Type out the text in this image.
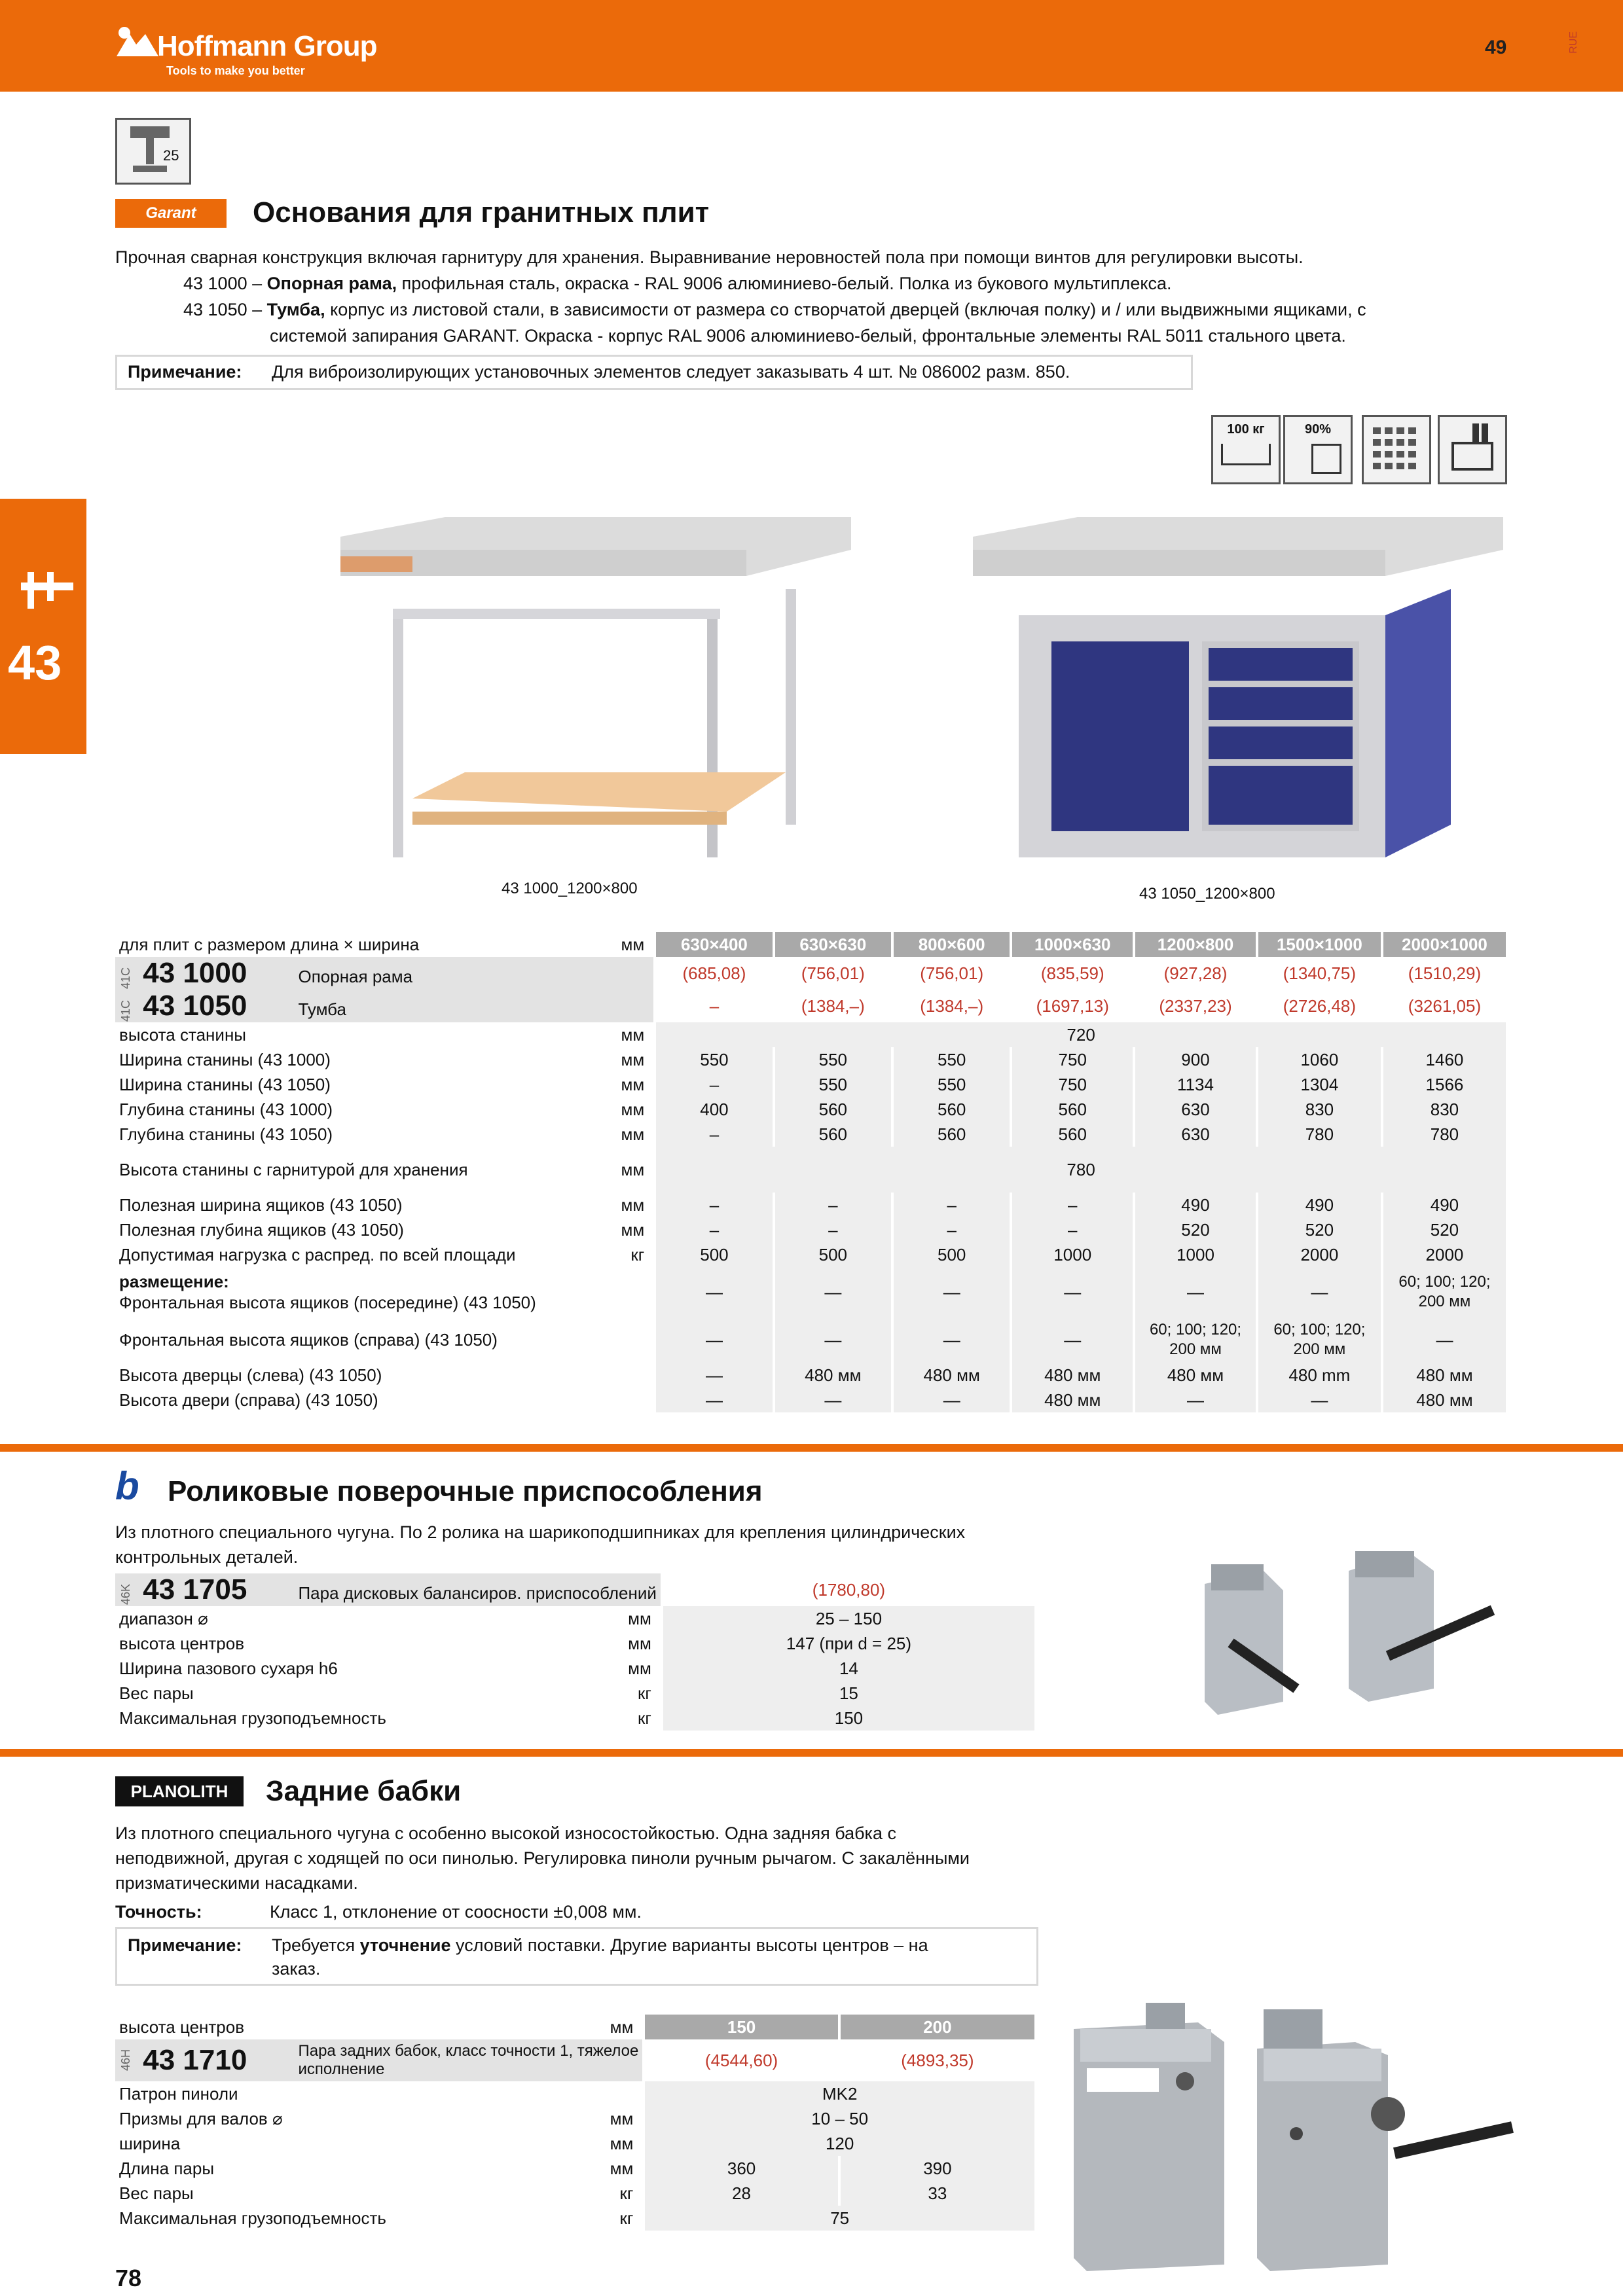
Hoffmann Group
Tools to make you better
49	RUE
43
25
Garant	Основания для гранитных плит
Прочная сварная конструкция включая гарнитуру для хранения. Выравнивание неровностей пола при помощи винтов для регулировки высоты.
43 1000 – Опорная рама, профильная сталь, окраска - RAL 9006 алюминиево-белый. Полка из букового мультиплекса.
43 1050 – Тумба, корпус из листовой стали, в зависимости от размера со створчатой дверцей (включая полку) и / или выдвижными ящиками, с
системой запирания GARANT. Окраска - корпус RAL 9006 алюминиево-белый, фронтальные элементы RAL 5011 стального цвета.
Примечание: Для виброизолирующих установочных элементов следует заказывать 4 шт. № 086002 разм. 850.
100 кг	90%
43 1000_1200×800	43 1050_1200×800
для плит с размером длина × ширина	мм	630×400	630×630	800×600	1000×630	1200×800	1500×1000	2000×1000
41C 43 1000 Опорная рама		(685,08)	(756,01)	(756,01)	(835,59)	(927,28)	(1340,75)	(1510,29)
41C 43 1050 Тумба		–	(1384,–)	(1384,–)	(1697,13)	(2337,23)	(2726,48)	(3261,05)
высота станины	мм	720						
Ширина станины (43 1000)	мм	550	550	550	750	900	1060	1460
Ширина станины (43 1050)	мм	–	550	550	750	1134	1304	1566
Глубина станины (43 1000)	мм	400	560	560	560	630	830	830
Глубина станины (43 1050)	мм	–	560	560	560	630	780	780
Высота станины с гарнитурой для хранения	мм	780						
Полезная ширина ящиков (43 1050)	мм	–	–	–	–	490	490	490
Полезная глубина ящиков (43 1050)	мм	–	–	–	–	520	520	520
Допустимая нагрузка с распред. по всей площади	кг	500	500	500	1000	1000	2000	2000
размещение:
Фронтальная высота ящиков (посередине) (43 1050)		—	—	—	—	—	—	60; 100; 120; 200 мм
Фронтальная высота ящиков (справа) (43 1050)		—	—	—	—	60; 100; 120; 200 мм	60; 100; 120; 200 мм	—
Высота дверцы (слева) (43 1050)		—	480 мм	480 мм	480 мм	480 мм	480 mm	480 мм
Высота двери (справа) (43 1050)		—	—	—	480 мм	—	—	480 мм
b Роликовые поверочные приспособления
Из плотного специального чугуна. По 2 ролика на шарикоподшипниках для крепления цилиндрических
контрольных деталей.
46K 43 1705 Пара дисковых балансиров. приспособлений		(1780,80)
диапазон ⌀	мм	25 – 150
высота центров	мм	147 (при d = 25)
Ширина пазового сухаря h6	мм	14
Вес пары	кг	15
Максимальная грузоподъемность	кг	150
PLANOLITH	Задние бабки
Из плотного специального чугуна с особенно высокой износостойкостью. Одна задняя бабка с
неподвижной, другая с ходящей по оси пинолью. Регулировка пиноли ручным рычагом. С закалёнными
призматическими насадками.
Точность:	Класс 1, отклонение от соосности ±0,008 мм.
Примечание: Требуется уточнение условий поставки. Другие варианты высоты центров – на
заказ.
высота центров	мм	150	200
46H 43 1710 Пара задних бабок, класс точности 1, тяжелое
исполнение		(4544,60)	(4893,35)
Патрон пиноли		MK2	
Призмы для валов ⌀	мм	10 – 50	
ширина	мм	120	
Длина пары	мм	360	390
Вес пары	кг	28	33
Максимальная грузоподъемность	кг	75	
78
